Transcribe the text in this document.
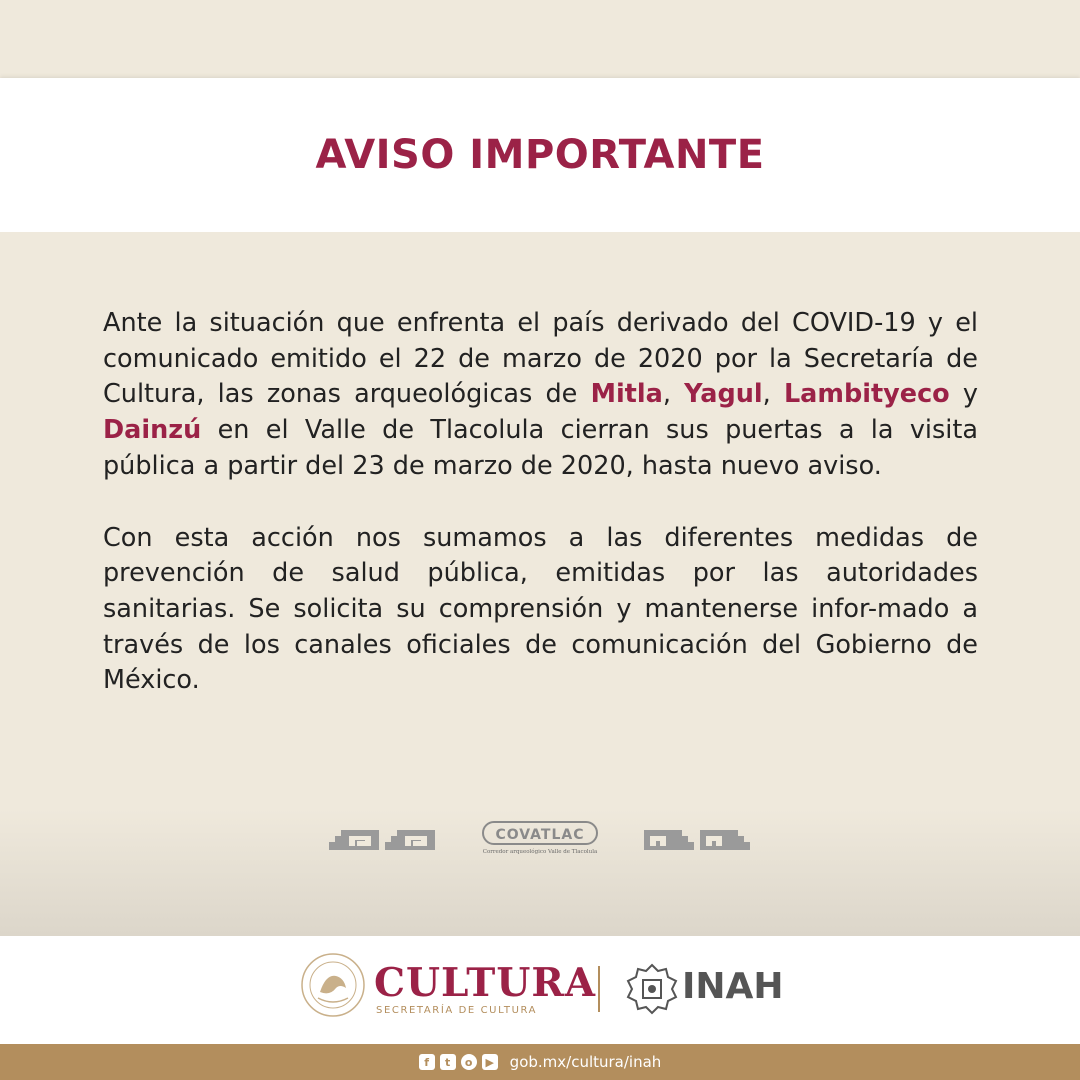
AVISO IMPORTANTE

Ante la situación que enfrenta el país derivado del COVID-19 y el comunicado emitido el 22 de marzo de 2020 por la Secretaría de Cultura, las zonas arqueológicas de Mitla, Yagul, Lambityeco y Dainzú en el Valle de Tlacolula cierran sus puertas a la visita pública a partir del 23 de marzo de 2020, hasta nuevo aviso.

Con esta acción nos sumamos a las diferentes medidas de prevención de salud pública, emitidas por las autoridades sanitarias. Se solicita su comprensión y mantenerse infor-mado a través de los canales oficiales de comunicación del Gobierno de México.

COVATLAC
Corredor arqueológico Valle de Tlacolula
CULTURA
SECRETARÍA DE CULTURA
INAH
f	t	o	▶ gob.mx/cultura/inah
